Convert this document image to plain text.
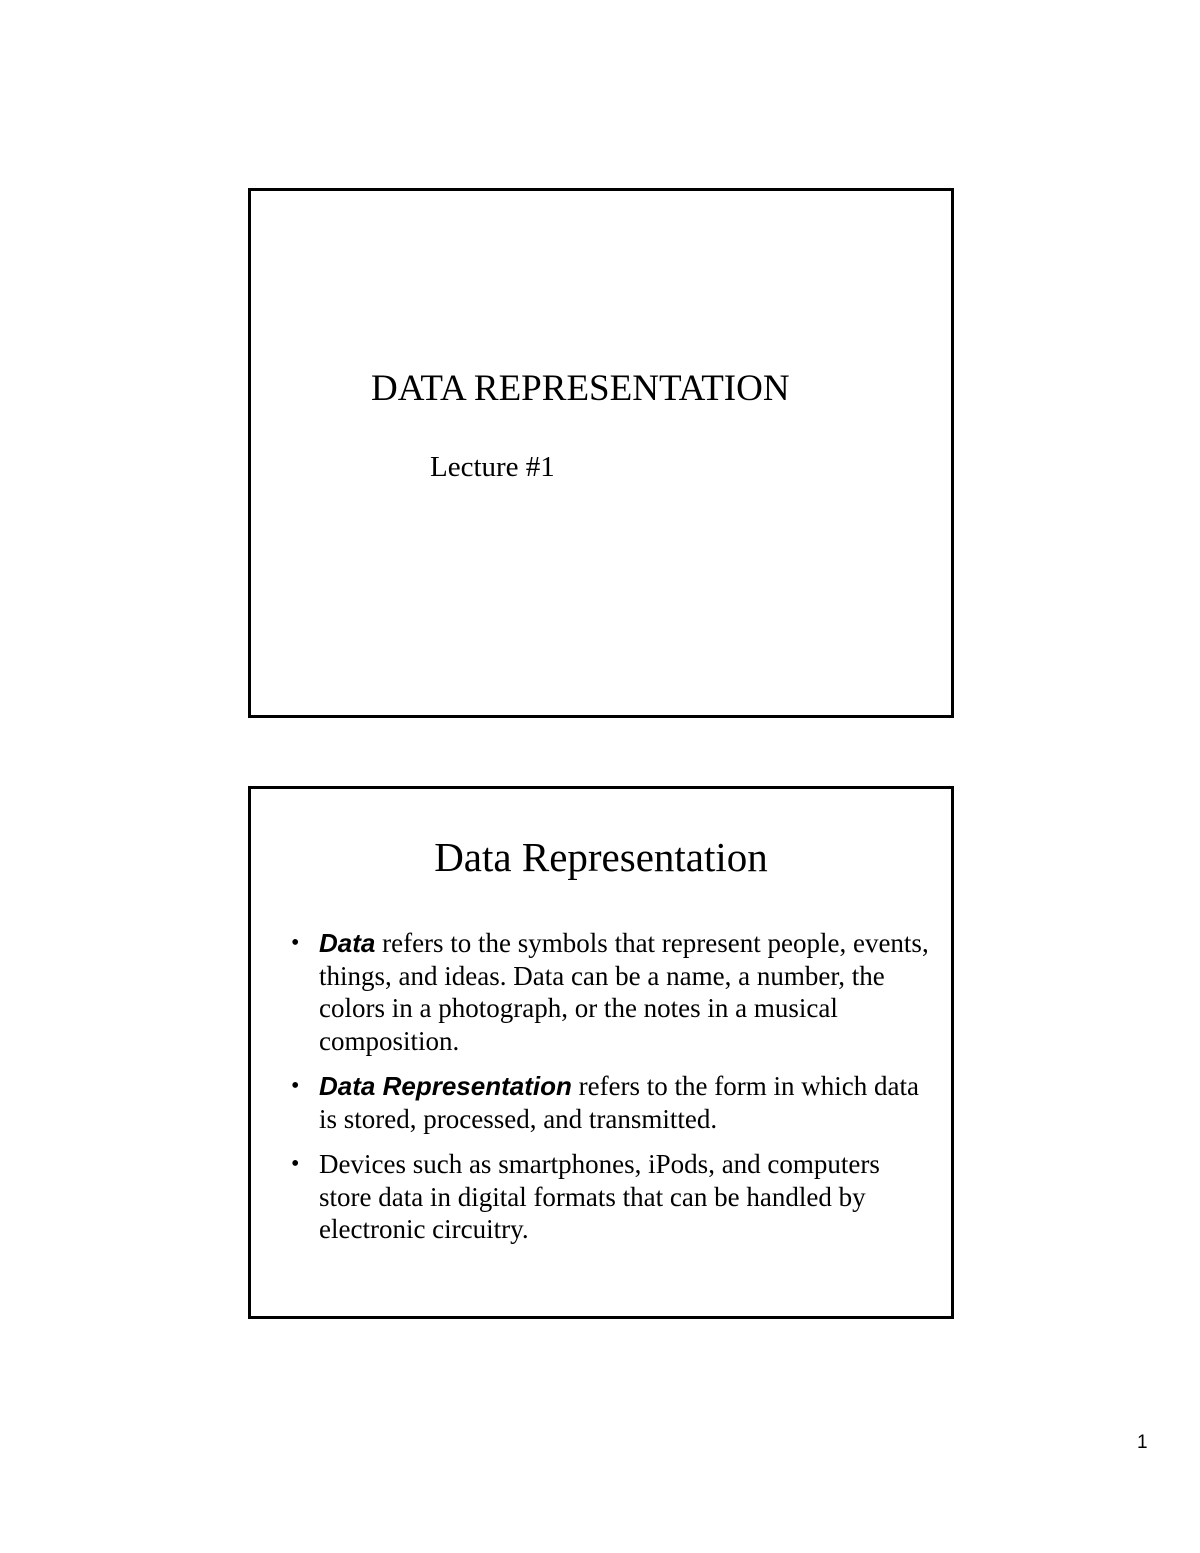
DATA REPRESENTATION
Lecture #1
Data Representation
• Data refers to the symbols that represent people, events, things, and ideas. Data can be a name, a number, the colors in a photograph, or the notes in a musical composition.
• Data Representation refers to the form in which data is stored, processed, and transmitted.
• Devices such as smartphones, iPods, and computers store data in digital formats that can be handled by electronic circuitry.
1
